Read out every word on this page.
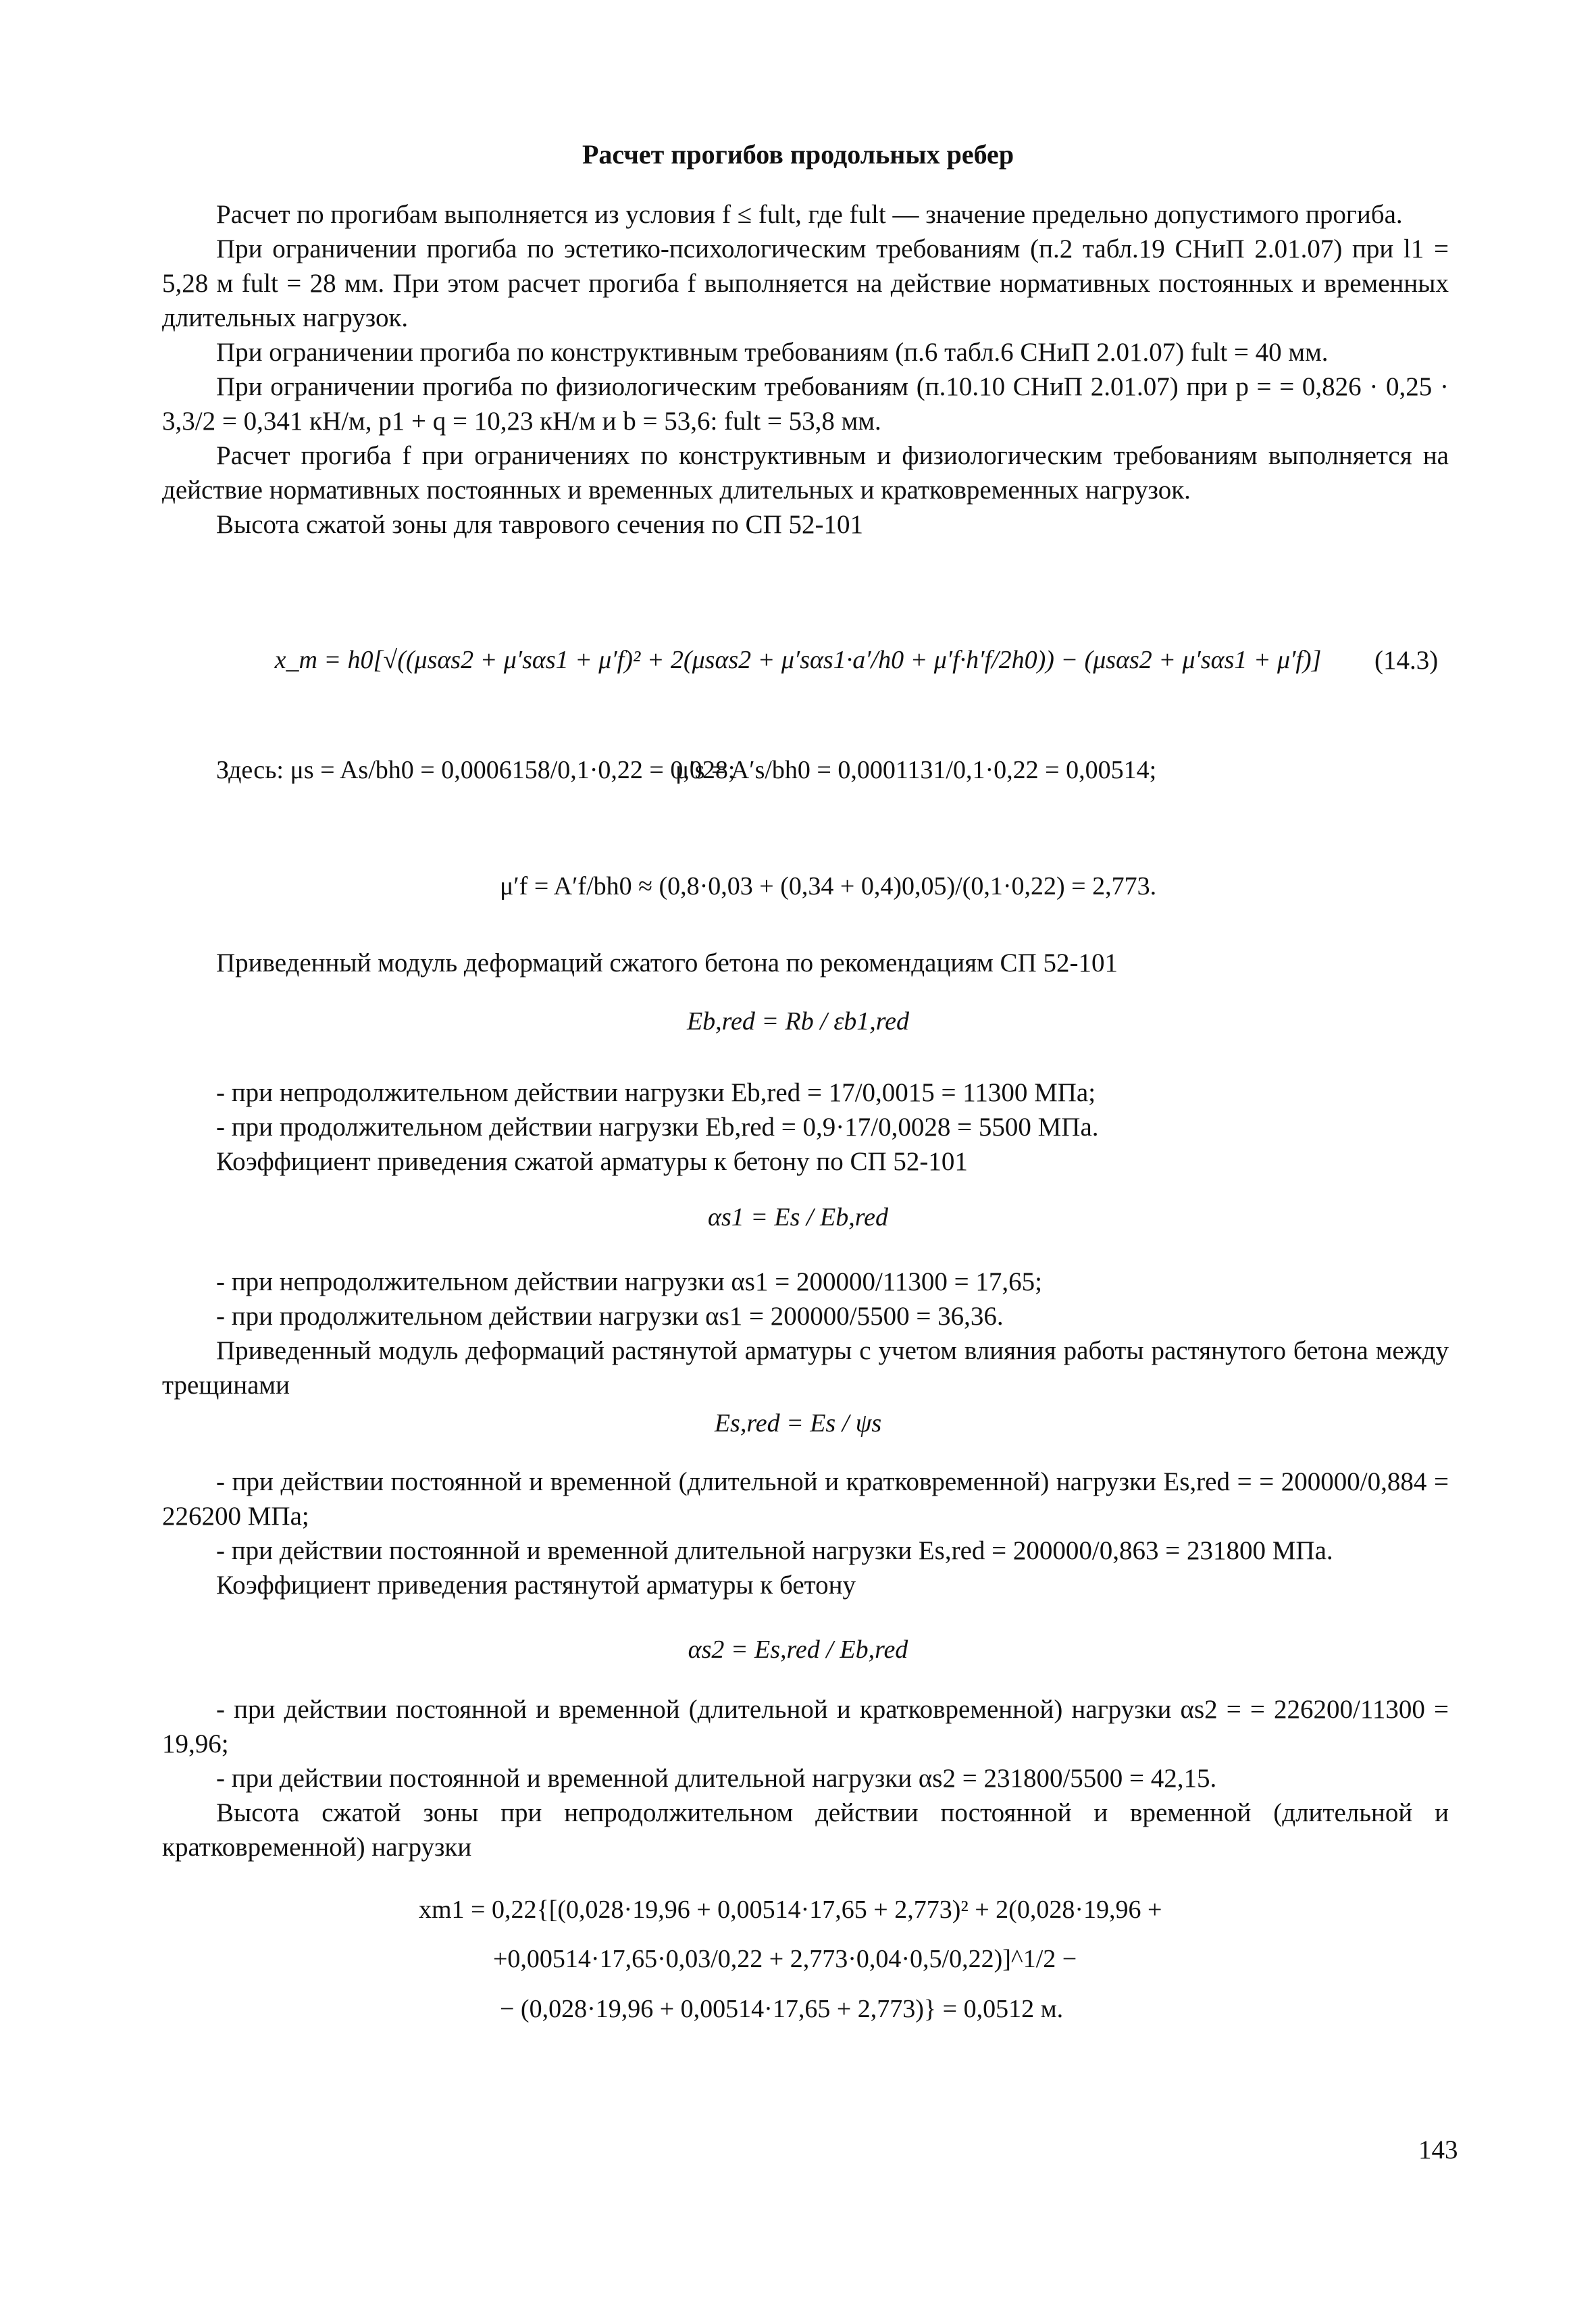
Расчет прогибов продольных ребер

Расчет по прогибам выполняется из условия f ≤ fult, где fult — значение предельно допустимого прогиба.

При ограничении прогиба по эстетико-психологическим требованиям (п.2 табл.19 СНиП 2.01.07) при l1 = 5,28 м fult = 28 мм. При этом расчет прогиба f выполняется на действие нормативных постоянных и временных длительных нагрузок.

При ограничении прогиба по конструктивным требованиям (п.6 табл.6 СНиП 2.01.07) fult = 40 мм.

При ограничении прогиба по физиологическим требованиям (п.10.10 СНиП 2.01.07) при p = = 0,826 · 0,25 · 3,3/2 = 0,341 кН/м, p1 + q = 10,23 кН/м и b = 53,6: fult = 53,8 мм.

Расчет прогиба f при ограничениях по конструктивным и физиологическим требованиям выполняется на действие нормативных постоянных и временных длительных и кратковременных нагрузок.

Высота сжатой зоны для таврового сечения по СП 52-101

x_m = h0[√((μsαs2 + μ′sαs1 + μ′f)² + 2(μsαs2 + μ′sαs1·a′/h0 + μ′f·h′f/2h0)) − (μsαs2 + μ′sαs1 + μ′f)]	(14.3)
Здесь: μs = As/bh0 = 0,0006158/0,1·0,22 = 0,028;
μ′s = A′s/bh0 = 0,0001131/0,1·0,22 = 0,00514;
μ′f = A′f/bh0 ≈ (0,8·0,03 + (0,34 + 0,4)0,05)/(0,1·0,22) = 2,773.

Приведенный модуль деформаций сжатого бетона по рекомендациям СП 52-101

Eb,red = Rb / εb1,red

- при непродолжительном действии нагрузки Eb,red = 17/0,0015 = 11300 МПа;

- при продолжительном действии нагрузки Eb,red = 0,9·17/0,0028 = 5500 МПа.

Коэффициент приведения сжатой арматуры к бетону по СП 52-101

αs1 = Es / Eb,red

- при непродолжительном действии нагрузки αs1 = 200000/11300 = 17,65;

- при продолжительном действии нагрузки αs1 = 200000/5500 = 36,36.

Приведенный модуль деформаций растянутой арматуры с учетом влияния работы растянутого бетона между трещинами

Es,red = Es / ψs

- при действии постоянной и временной (длительной и кратковременной) нагрузки Es,red = = 200000/0,884 = 226200 МПа;

- при действии постоянной и временной длительной нагрузки Es,red = 200000/0,863 = 231800 МПа.

Коэффициент приведения растянутой арматуры к бетону

αs2 = Es,red / Eb,red

- при действии постоянной и временной (длительной и кратковременной) нагрузки αs2 = = 226200/11300 = 19,96;

- при действии постоянной и временной длительной нагрузки αs2 = 231800/5500 = 42,15.

Высота сжатой зоны при непродолжительном действии постоянной и временной (длительной и кратковременной) нагрузки

xm1 = 0,22{[(0,028·19,96 + 0,00514·17,65 + 2,773)² + 2(0,028·19,96 +
+0,00514·17,65·0,03/0,22 + 2,773·0,04·0,5/0,22)]^1/2 −
− (0,028·19,96 + 0,00514·17,65 + 2,773)} = 0,0512 м.
143
